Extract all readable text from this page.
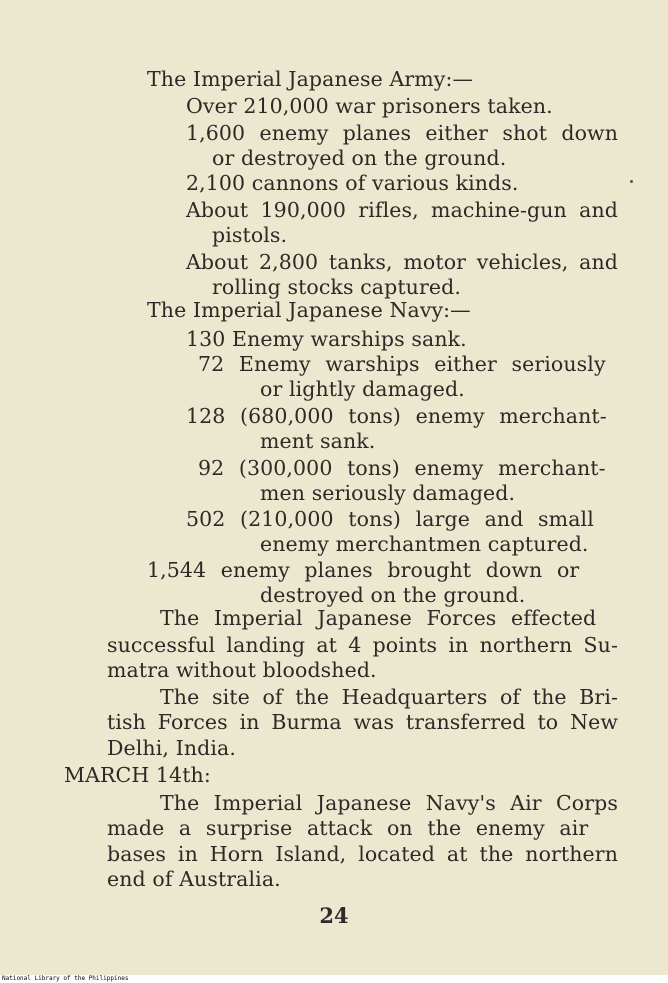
The Imperial Japanese Army:—
Over 210,000 war prisoners taken.
1,600 enemy planes either shot down
or destroyed on the ground.
2,100 cannons of various kinds.
About 190,000 rifles, machine-gun and
pistols.
About 2,800 tanks, motor vehicles, and
rolling stocks captured.
The Imperial Japanese Navy:—
130 Enemy warships sank.
72 Enemy warships either seriously
or lightly damaged.
128 (680,000 tons) enemy merchant-
ment sank.
92 (300,000 tons) enemy merchant-
men seriously damaged.
502 (210,000 tons) large and small
enemy merchantmen captured.
1,544 enemy planes brought down or
destroyed on the ground.
The Imperial Japanese Forces effected
successful landing at 4 points in northern Su-
matra without bloodshed.
The site of the Headquarters of the Bri-
tish Forces in Burma was transferred to New
Delhi, India.
MARCH 14th:
The Imperial Japanese Navy's Air Corps
made a surprise attack on the enemy air
bases in Horn Island, located at the northern
end of Australia.
24
National Library of the Philippines
